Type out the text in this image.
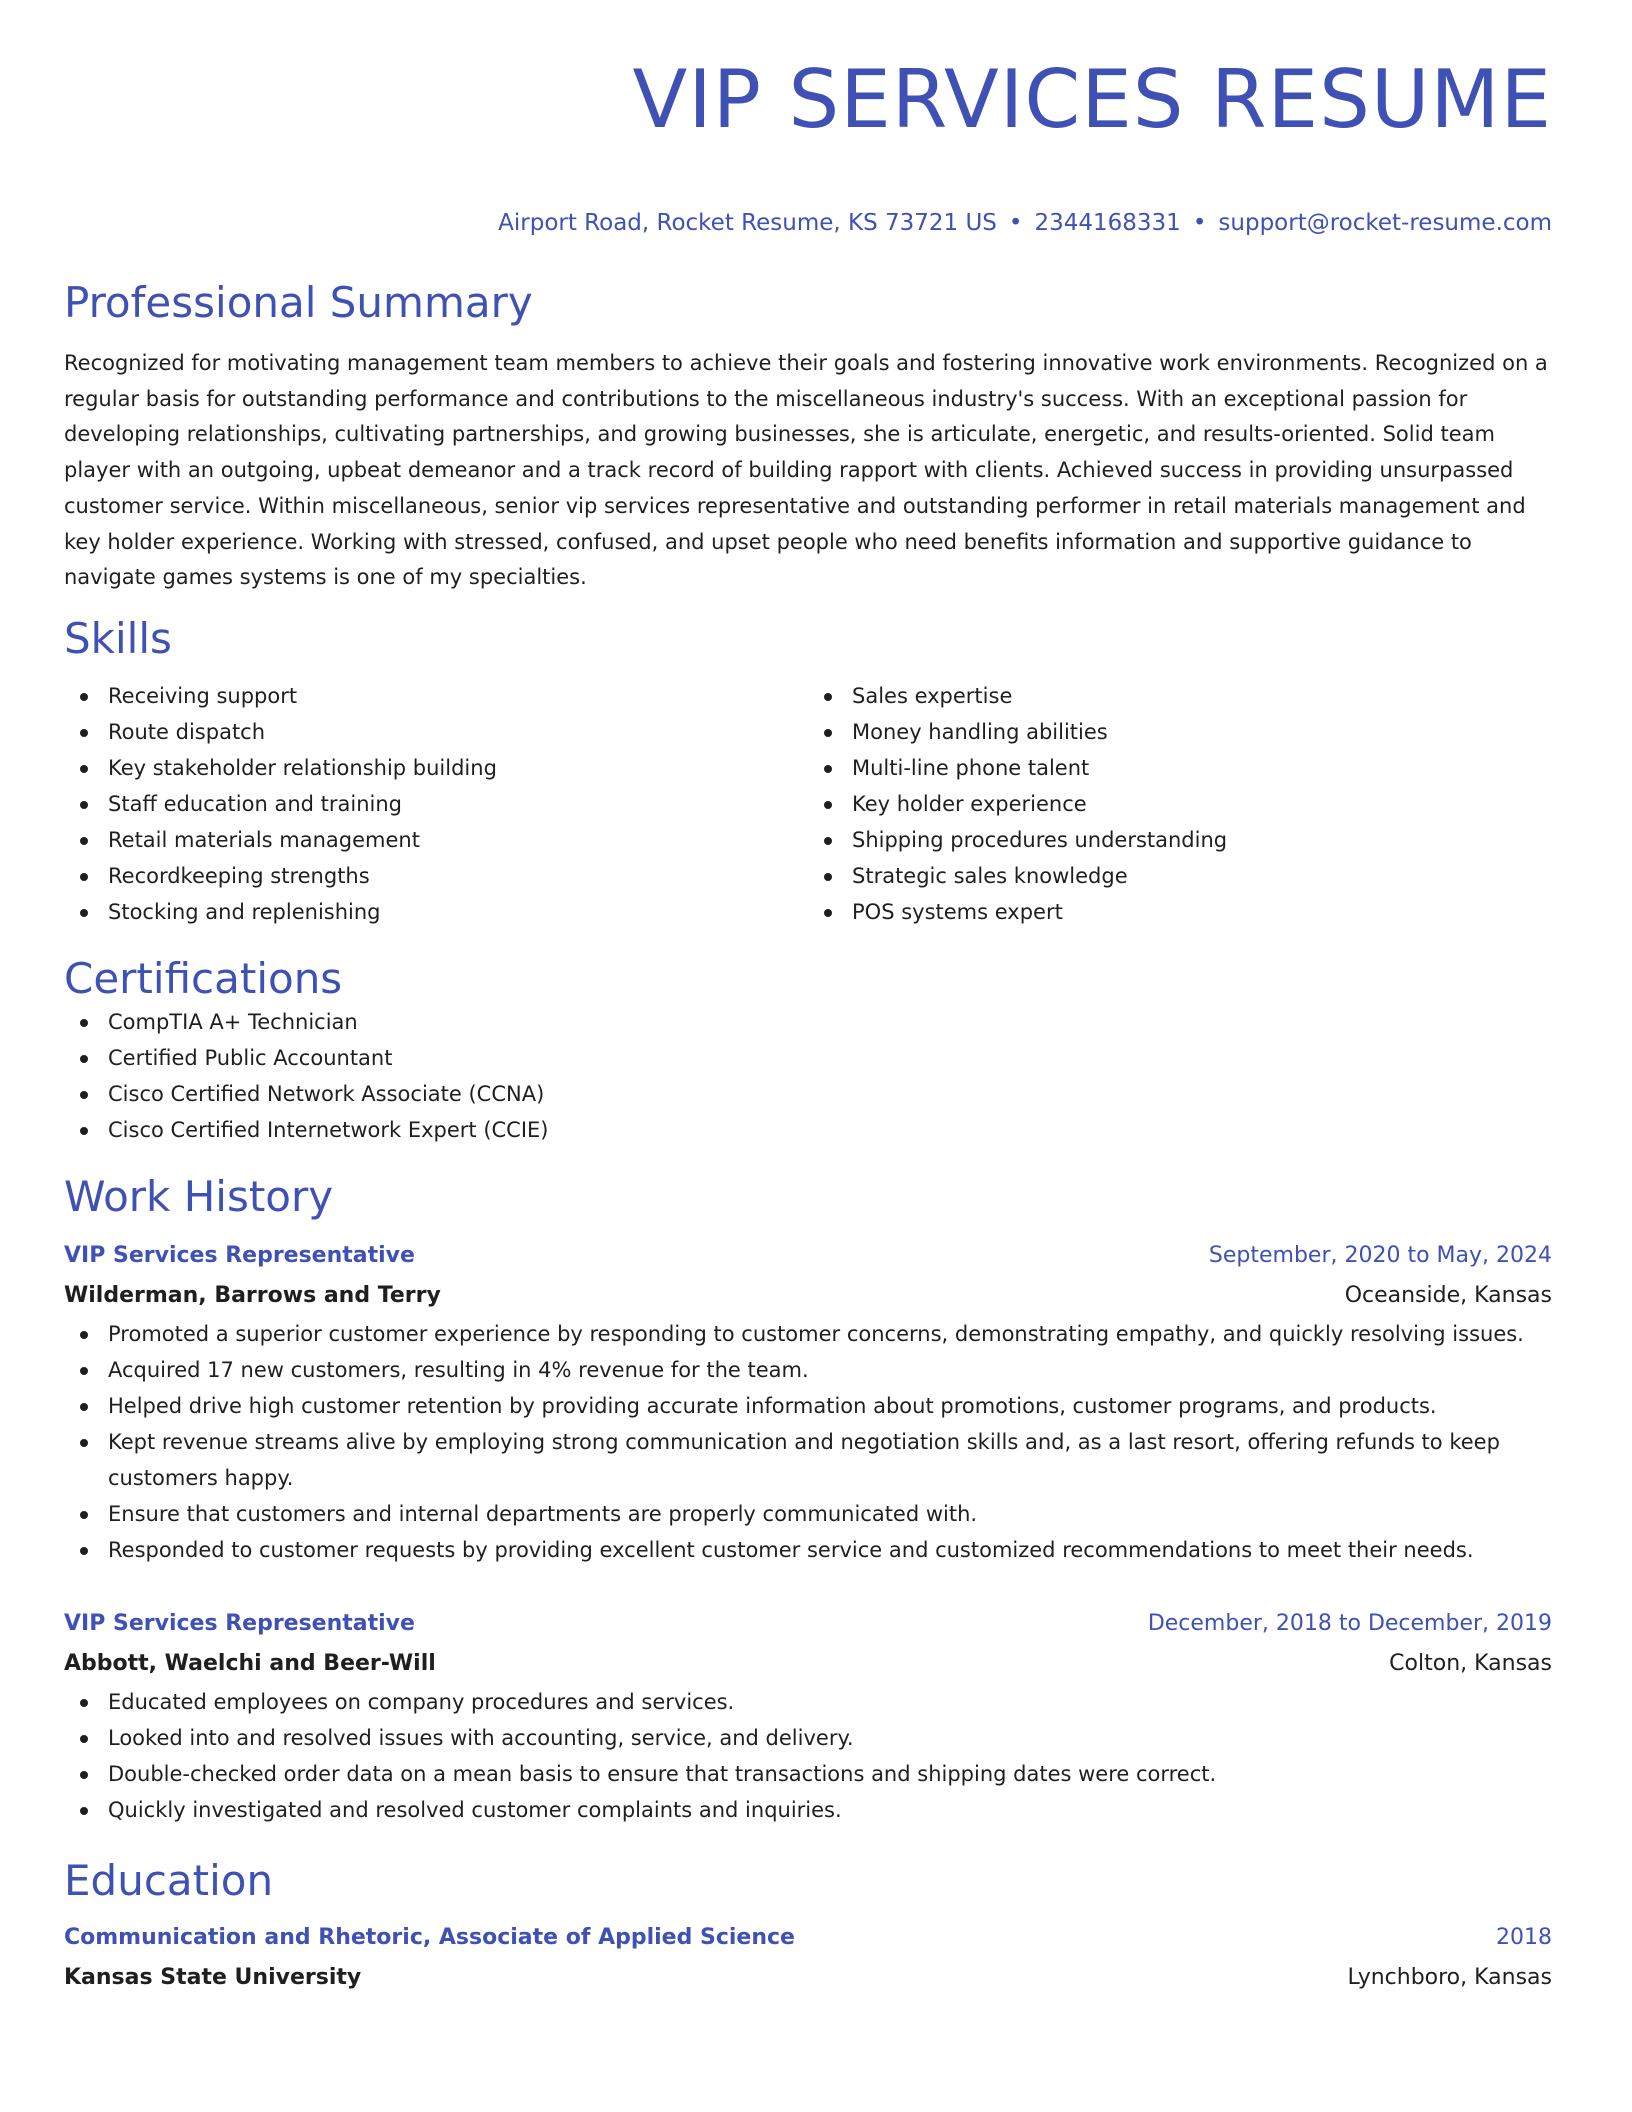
VIP SERVICES RESUME
Airport Road, Rocket Resume, KS 73721 US • 2344168331 • support@rocket-resume.com
Professional Summary
Recognized for motivating management team members to achieve their goals and fostering innovative work environments. Recognized on a regular basis for outstanding performance and contributions to the miscellaneous industry's success. With an exceptional passion for developing relationships, cultivating partnerships, and growing businesses, she is articulate, energetic, and results-oriented. Solid team player with an outgoing, upbeat demeanor and a track record of building rapport with clients. Achieved success in providing unsurpassed customer service. Within miscellaneous, senior vip services representative and outstanding performer in retail materials management and key holder experience. Working with stressed, confused, and upset people who need benefits information and supportive guidance to navigate games systems is one of my specialties.
Skills
Receiving support
Route dispatch
Key stakeholder relationship building
Staff education and training
Retail materials management
Recordkeeping strengths
Stocking and replenishing
Sales expertise
Money handling abilities
Multi-line phone talent
Key holder experience
Shipping procedures understanding
Strategic sales knowledge
POS systems expert
Certifications
CompTIA A+ Technician
Certified Public Accountant
Cisco Certified Network Associate (CCNA)
Cisco Certified Internetwork Expert (CCIE)
Work History
VIP Services Representative	September, 2020 to May, 2024
Wilderman, Barrows and Terry	Oceanside, Kansas
Promoted a superior customer experience by responding to customer concerns, demonstrating empathy, and quickly resolving issues.
Acquired 17 new customers, resulting in 4% revenue for the team.
Helped drive high customer retention by providing accurate information about promotions, customer programs, and products.
Kept revenue streams alive by employing strong communication and negotiation skills and, as a last resort, offering refunds to keep customers happy.
Ensure that customers and internal departments are properly communicated with.
Responded to customer requests by providing excellent customer service and customized recommendations to meet their needs.
VIP Services Representative	December, 2018 to December, 2019
Abbott, Waelchi and Beer-Will	Colton, Kansas
Educated employees on company procedures and services.
Looked into and resolved issues with accounting, service, and delivery.
Double-checked order data on a mean basis to ensure that transactions and shipping dates were correct.
Quickly investigated and resolved customer complaints and inquiries.
Education
Communication and Rhetoric, Associate of Applied Science	2018
Kansas State University	Lynchboro, Kansas
